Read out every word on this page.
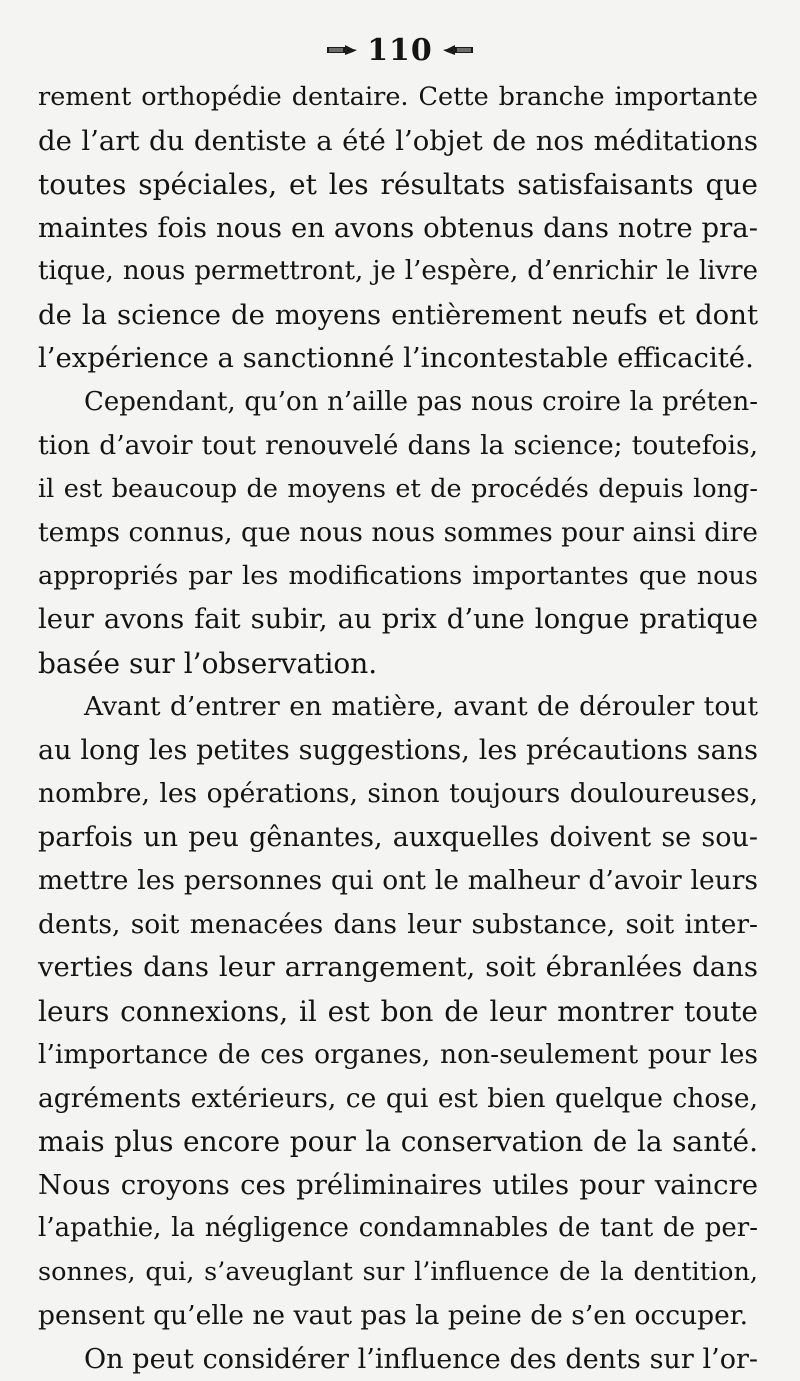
110
rement orthopédie dentaire. Cette branche importante
de l’art du dentiste a été l’objet de nos méditations
toutes spéciales, et les résultats satisfaisants que
maintes fois nous en avons obtenus dans notre pra-
tique, nous permettront, je l’espère, d’enrichir le livre
de la science de moyens entièrement neufs et dont
l’expérience a sanctionné l’incontestable efficacité.
Cependant, qu’on n’aille pas nous croire la préten-
tion d’avoir tout renouvelé dans la science; toutefois,
il est beaucoup de moyens et de procédés depuis long-
temps connus, que nous nous sommes pour ainsi dire
appropriés par les modifications importantes que nous
leur avons fait subir, au prix d’une longue pratique
basée sur l’observation.
Avant d’entrer en matière, avant de dérouler tout
au long les petites suggestions, les précautions sans
nombre, les opérations, sinon toujours douloureuses,
parfois un peu gênantes, auxquelles doivent se sou-
mettre les personnes qui ont le malheur d’avoir leurs
dents, soit menacées dans leur substance, soit inter-
verties dans leur arrangement, soit ébranlées dans
leurs connexions, il est bon de leur montrer toute
l’importance de ces organes, non-seulement pour les
agréments extérieurs, ce qui est bien quelque chose,
mais plus encore pour la conservation de la santé.
Nous croyons ces préliminaires utiles pour vaincre
l’apathie, la négligence condamnables de tant de per-
sonnes, qui, s’aveuglant sur l’influence de la dentition,
pensent qu’elle ne vaut pas la peine de s’en occuper.
On peut considérer l’influence des dents sur l’or-
